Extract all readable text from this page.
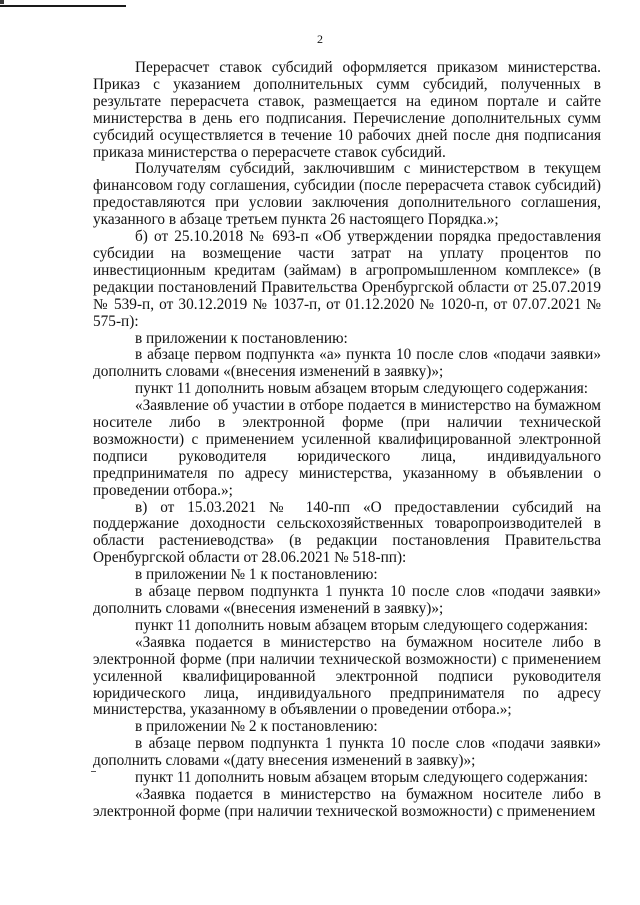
2

Перерасчет ставок субсидий оформляется приказом министерства. Приказ с указанием дополнительных сумм субсидий, полученных в результате перерасчета ставок, размещается на едином портале и сайте министерства в день его подписания. Перечисление дополнительных сумм субсидий осуществляется в течение 10 рабочих дней после дня подписания приказа министерства о перерасчете ставок субсидий.

Получателям субсидий, заключившим с министерством в текущем финансовом году соглашения, субсидии (после перерасчета ставок субсидий) предоставляются при условии заключения дополнительного соглашения, указанного в абзаце третьем пункта 26 настоящего Порядка.»;

б) от 25.10.2018 № 693-п «Об утверждении порядка предоставления субсидии на возмещение части затрат на уплату процентов по инвестиционным кредитам (займам) в агропромышленном комплексе» (в редакции постановлений Правительства Оренбургской области от 25.07.2019 № 539-п, от 30.12.2019 № 1037-п, от 01.12.2020 № 1020-п, от 07.07.2021 № 575-п):

в приложении к постановлению:

в абзаце первом подпункта «а» пункта 10 после слов «подачи заявки» дополнить словами «(внесения изменений в заявку)»;

пункт 11 дополнить новым абзацем вторым следующего содержания:

«Заявление об участии в отборе подается в министерство на бумажном носителе либо в электронной форме (при наличии технической возможности) с применением усиленной квалифицированной электронной подписи руководителя юридического лица, индивидуального предпринимателя по адресу министерства, указанному в объявлении о проведении отбора.»;

в) от 15.03.2021 № 140-пп «О предоставлении субсидий на поддержание доходности сельскохозяйственных товаропроизводителей в области растениеводства» (в редакции постановления Правительства Оренбургской области от 28.06.2021 № 518-пп):

в приложении № 1 к постановлению:

в абзаце первом подпункта 1 пункта 10 после слов «подачи заявки» дополнить словами «(внесения изменений в заявку)»;

пункт 11 дополнить новым абзацем вторым следующего содержания:

«Заявка подается в министерство на бумажном носителе либо в электронной форме (при наличии технической возможности) с применением усиленной квалифицированной электронной подписи руководителя юридического лица, индивидуального предпринимателя по адресу министерства, указанному в объявлении о проведении отбора.»;

в приложении № 2 к постановлению:

в абзаце первом подпункта 1 пункта 10 после слов «подачи заявки» дополнить словами «(дату внесения изменений в заявку)»;

пункт 11 дополнить новым абзацем вторым следующего содержания:

«Заявка подается в министерство на бумажном носителе либо в электронной форме (при наличии технической возможности) с применением
